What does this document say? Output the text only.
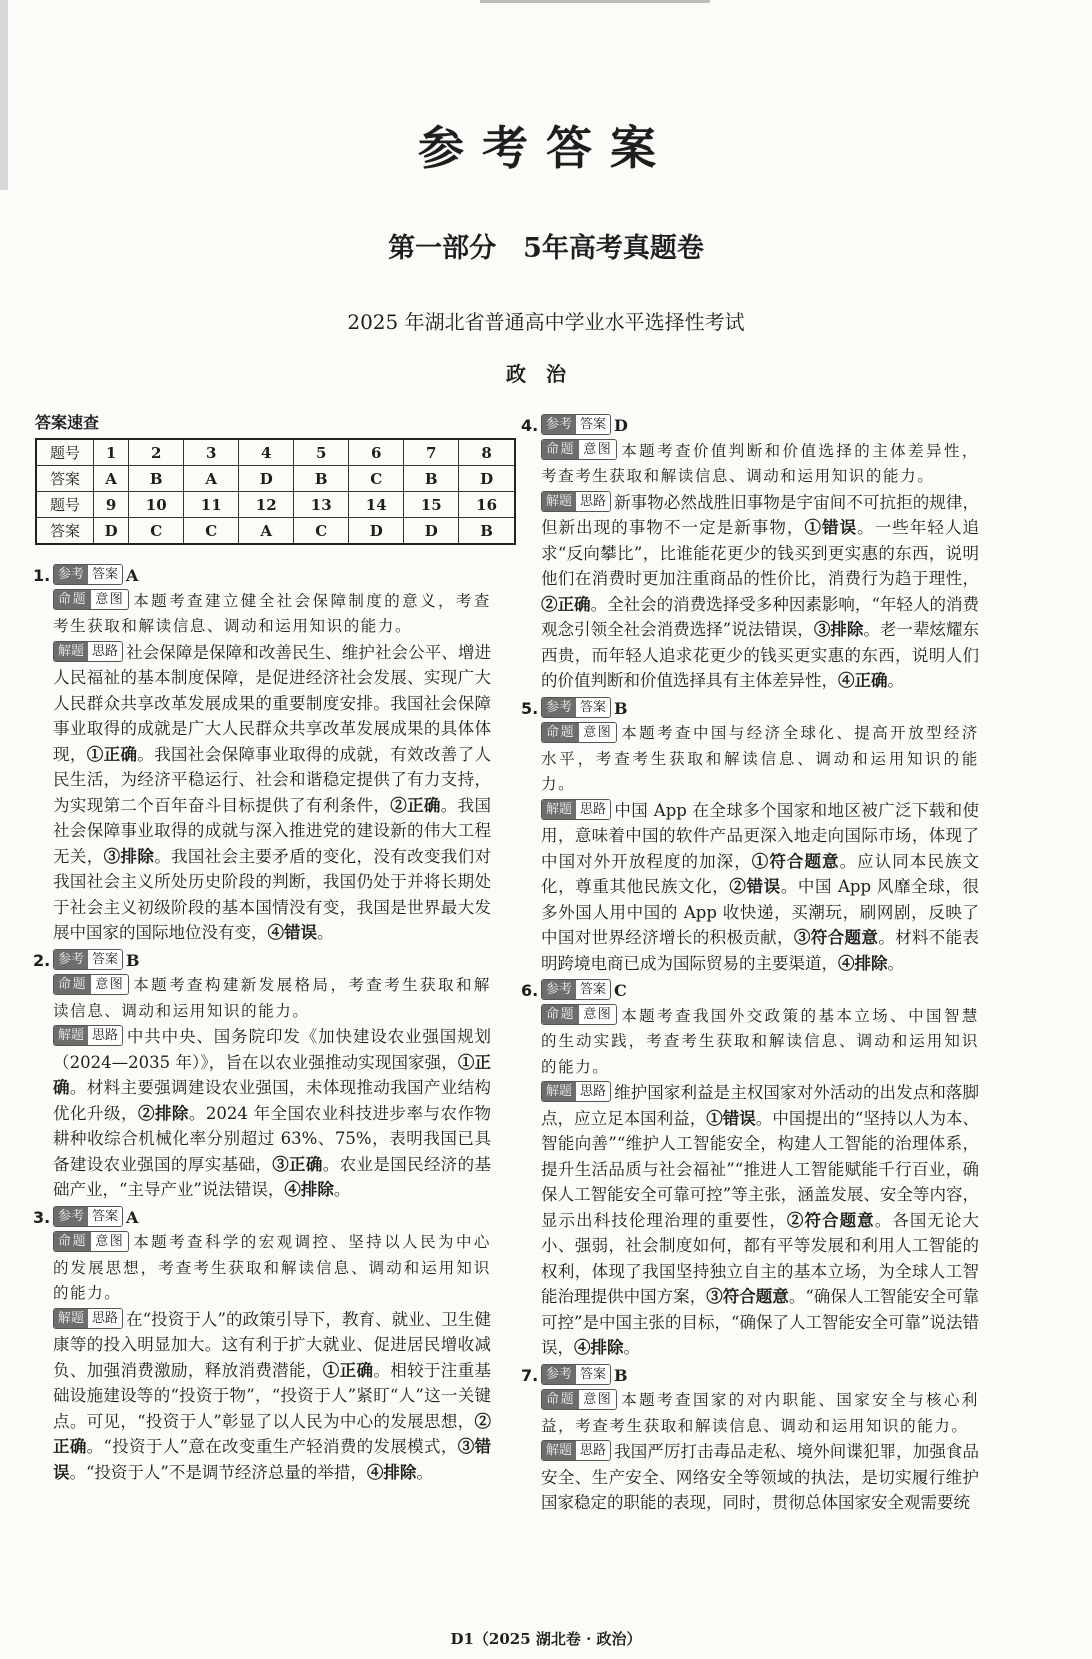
参考答案
第一部分　5年高考真题卷
2025 年湖北省普通高中学业水平选择性考试
政治
答案速查
题号	1	2	3	4	5	6	7	8
答案	A	B	A	D	B	C	B	D
题号	9	10	11	12	13	14	15	16
答案	D	C	C	A	C	D	D	B
1. 参考 答案 A
命题 意图 本题考查建立健全社会保障制度的意义，考查考生获取和解读信息、调动和运用知识的能力。
解题 思路 社会保障是保障和改善民生、维护社会公平、增进人民福祉的基本制度保障，是促进经济社会发展、实现广大人民群众共享改革发展成果的重要制度安排。我国社会保障事业取得的成就是广大人民群众共享改革发展成果的具体体现，①正确。我国社会保障事业取得的成就，有效改善了人民生活，为经济平稳运行、社会和谐稳定提供了有力支持，为实现第二个百年奋斗目标提供了有利条件，②正确。我国社会保障事业取得的成就与深入推进党的建设新的伟大工程无关，③排除。我国社会主要矛盾的变化，没有改变我们对我国社会主义所处历史阶段的判断，我国仍处于并将长期处于社会主义初级阶段的基本国情没有变，我国是世界最大发展中国家的国际地位没有变，④错误。
2. 参考 答案 B
命题 意图 本题考查构建新发展格局，考查考生获取和解读信息、调动和运用知识的能力。
解题 思路 中共中央、国务院印发《加快建设农业强国规划（2024—2035 年）》，旨在以农业强推动实现国家强，①正确。材料主要强调建设农业强国，未体现推动我国产业结构优化升级，②排除。2024 年全国农业科技进步率与农作物耕种收综合机械化率分别超过 63%、75%，表明我国已具备建设农业强国的厚实基础，③正确。农业是国民经济的基础产业，“主导产业”说法错误，④排除。
3. 参考 答案 A
命题 意图 本题考查科学的宏观调控、坚持以人民为中心的发展思想，考查考生获取和解读信息、调动和运用知识的能力。
解题 思路 在“投资于人”的政策引导下，教育、就业、卫生健康等的投入明显加大。这有利于扩大就业、促进居民增收减负、加强消费激励，释放消费潜能，①正确。相较于注重基础设施建设等的“投资于物”，“投资于人”紧盯“人”这一关键点。可见，“投资于人”彰显了以人民为中心的发展思想，②正确。“投资于人”意在改变重生产轻消费的发展模式，③错误。“投资于人”不是调节经济总量的举措，④排除。
4. 参考 答案 D
命题 意图 本题考查价值判断和价值选择的主体差异性，考查考生获取和解读信息、调动和运用知识的能力。
解题 思路 新事物必然战胜旧事物是宇宙间不可抗拒的规律，但新出现的事物不一定是新事物，①错误。一些年轻人追求“反向攀比”，比谁能花更少的钱买到更实惠的东西，说明他们在消费时更加注重商品的性价比，消费行为趋于理性，②正确。全社会的消费选择受多种因素影响，“年轻人的消费观念引领全社会消费选择”说法错误，③排除。老一辈炫耀东西贵，而年轻人追求花更少的钱买更实惠的东西，说明人们的价值判断和价值选择具有主体差异性，④正确。
5. 参考 答案 B
命题 意图 本题考查中国与经济全球化、提高开放型经济水平，考查考生获取和解读信息、调动和运用知识的能力。
解题 思路 中国 App 在全球多个国家和地区被广泛下载和使用，意味着中国的软件产品更深入地走向国际市场，体现了中国对外开放程度的加深，①符合题意。应认同本民族文化，尊重其他民族文化，②错误。中国 App 风靡全球，很多外国人用中国的 App 收快递，买潮玩，刷网剧，反映了中国对世界经济增长的积极贡献，③符合题意。材料不能表明跨境电商已成为国际贸易的主要渠道，④排除。
6. 参考 答案 C
命题 意图 本题考查我国外交政策的基本立场、中国智慧的生动实践，考查考生获取和解读信息、调动和运用知识的能力。
解题 思路 维护国家利益是主权国家对外活动的出发点和落脚点，应立足本国利益，①错误。中国提出的“坚持以人为本、智能向善”“维护人工智能安全，构建人工智能的治理体系，提升生活品质与社会福祉”“推进人工智能赋能千行百业，确保人工智能安全可靠可控”等主张，涵盖发展、安全等内容，显示出科技伦理治理的重要性，②符合题意。各国无论大小、强弱，社会制度如何，都有平等发展和利用人工智能的权利，体现了我国坚持独立自主的基本立场，为全球人工智能治理提供中国方案，③符合题意。“确保人工智能安全可靠可控”是中国主张的目标，“确保了人工智能安全可靠”说法错误，④排除。
7. 参考 答案 B
命题 意图 本题考查国家的对内职能、国家安全与核心利益，考查考生获取和解读信息、调动和运用知识的能力。
解题 思路 我国严厉打击毒品走私、境外间谍犯罪，加强食品安全、生产安全、网络安全等领域的执法，是切实履行维护国家稳定的职能的表现，同时，贯彻总体国家安全观需要统
D1（2025 湖北卷 · 政治）
